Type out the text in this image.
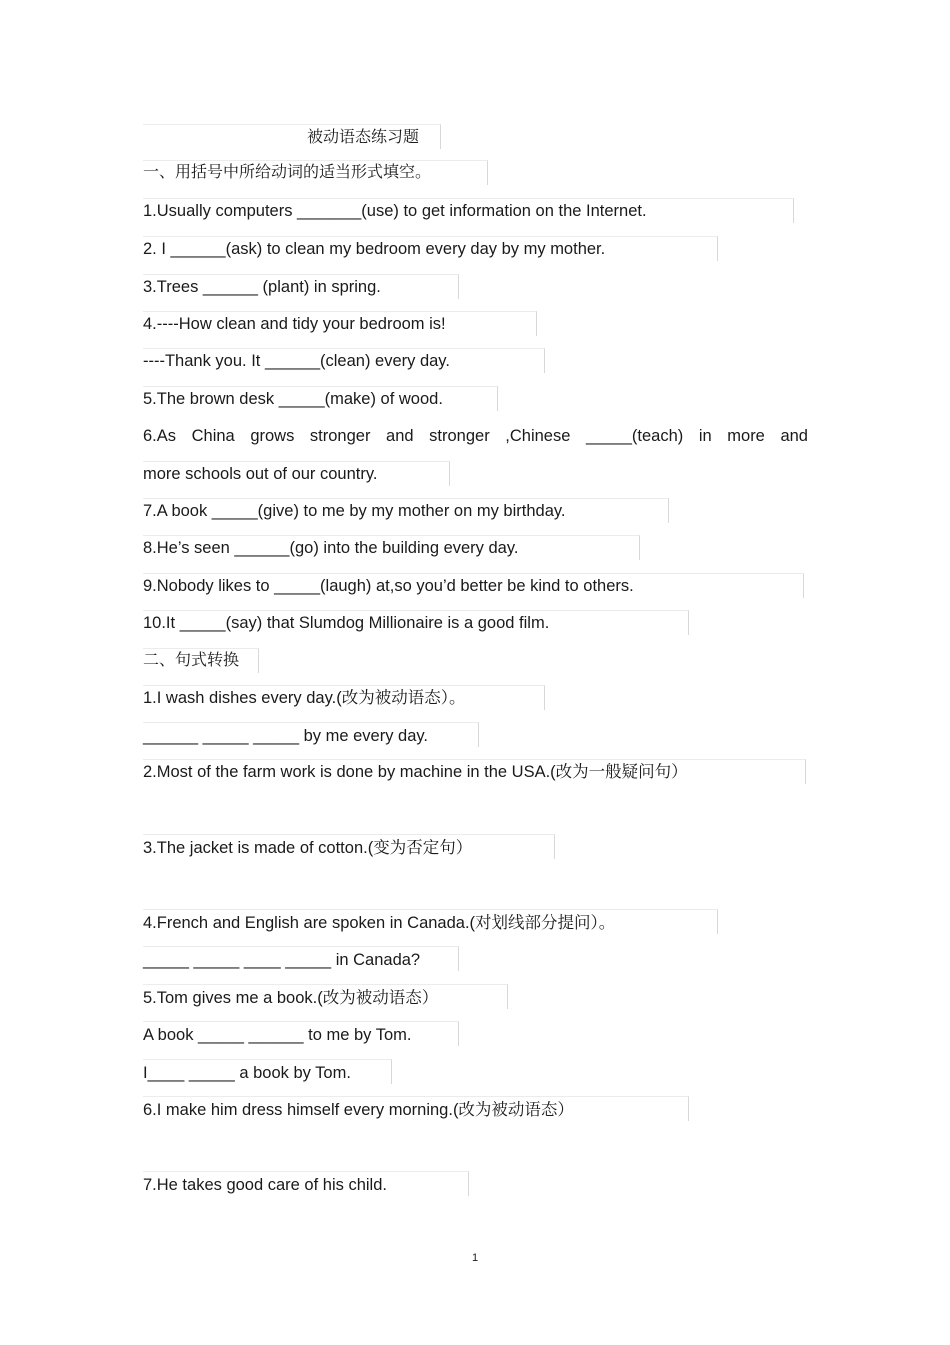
被动语态练习题
一、用括号中所给动词的适当形式填空。
1.Usually computers _______(use) to get information on the Internet.
2. I ______(ask) to clean my bedroom every day by my mother.
3.Trees ______ (plant) in spring.
4.----How clean and tidy your bedroom is!
----Thank you. It ______(clean) every day.
5.The brown desk _____(make) of wood.
6.As China grows stronger and stronger ,Chinese _____(teach) in more and
more schools out of our country.
7.A book _____(give) to me by my mother on my birthday.
8.He’s seen ______(go) into the building every day.
9.Nobody likes to _____(laugh) at,so you’d better be kind to others.
10.It _____(say) that Slumdog Millionaire is a good film.
二、句式转换
1.I wash dishes every day.(改为被动语态）。
______ _____ _____ by me every day.
2.Most of the farm work is done by machine in the USA.(改为一般疑问句）
3.The jacket is made of cotton.(变为否定句）
4.French and English are spoken in Canada.(对划线部分提问）。
_____ _____ ____ _____ in Canada?
5.Tom gives me a book.(改为被动语态）
A book _____ ______ to me by Tom.
I____ _____ a book by Tom.
6.I make him dress himself every morning.(改为被动语态）
7.He takes good care of his child.
1
